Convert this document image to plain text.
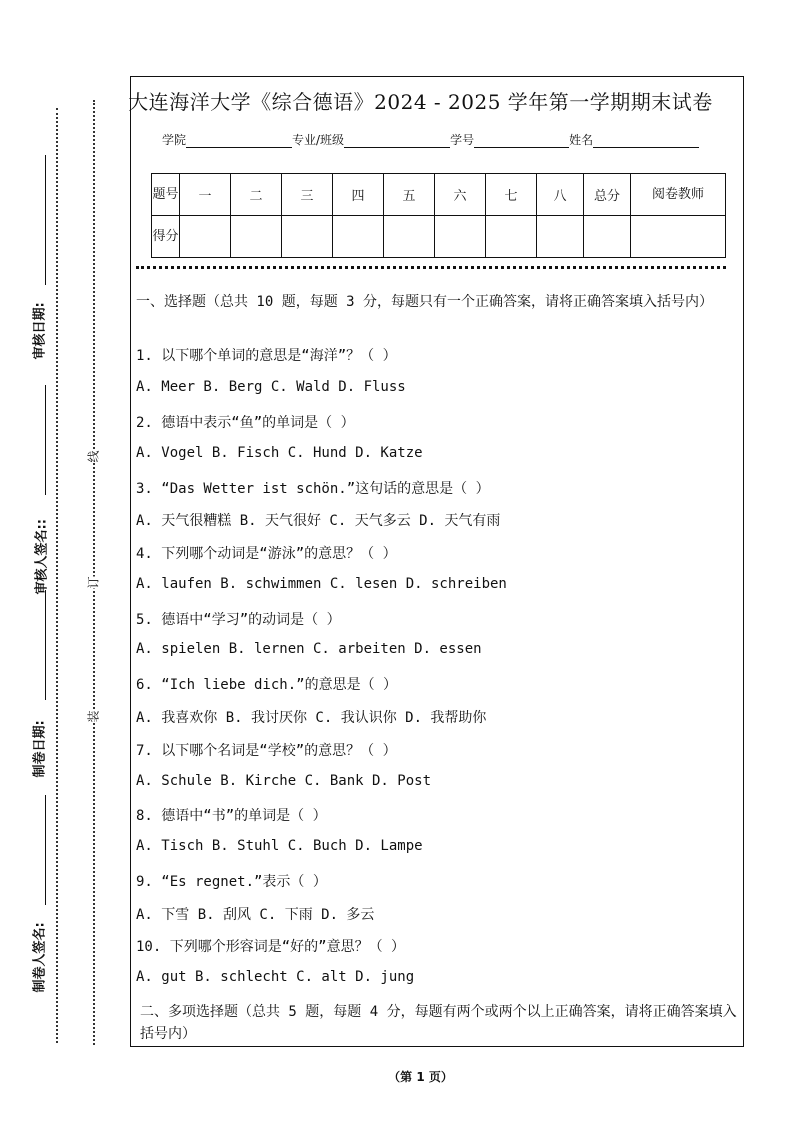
审核日期:
审核人签名::
制卷日期:
制卷人签名:
线
订
装
大连海洋大学《综合德语》2024 - 2025 学年第一学期期末试卷
学院	专业/班级	学号	姓名
题号	一	二	三	四	五	六	七	八	总分	阅卷教师
得分										
一、选择题（总共 10 题，每题 3 分，每题只有一个正确答案，请将正确答案填入括号内）
1. 以下哪个单词的意思是“海洋”？（ ）
A. Meer B. Berg C. Wald D. Fluss
2. 德语中表示“鱼”的单词是（ ）
A. Vogel B. Fisch C. Hund D. Katze
3. “Das Wetter ist schön.”这句话的意思是（ ）
A. 天气很糟糕 B. 天气很好 C. 天气多云 D. 天气有雨
4. 下列哪个动词是“游泳”的意思？（ ）
A. laufen B. schwimmen C. lesen D. schreiben
5. 德语中“学习”的动词是（ ）
A. spielen B. lernen C. arbeiten D. essen
6. “Ich liebe dich.”的意思是（ ）
A. 我喜欢你 B. 我讨厌你 C. 我认识你 D. 我帮助你
7. 以下哪个名词是“学校”的意思？（ ）
A. Schule B. Kirche C. Bank D. Post
8. 德语中“书”的单词是（ ）
A. Tisch B. Stuhl C. Buch D. Lampe
9. “Es regnet.”表示（ ）
A. 下雪 B. 刮风 C. 下雨 D. 多云
10. 下列哪个形容词是“好的”意思？（ ）
A. gut B. schlecht C. alt D. jung
二、多项选择题（总共 5 题，每题 4 分，每题有两个或两个以上正确答案，请将正确答案填入括号内）
（第 1 页）
